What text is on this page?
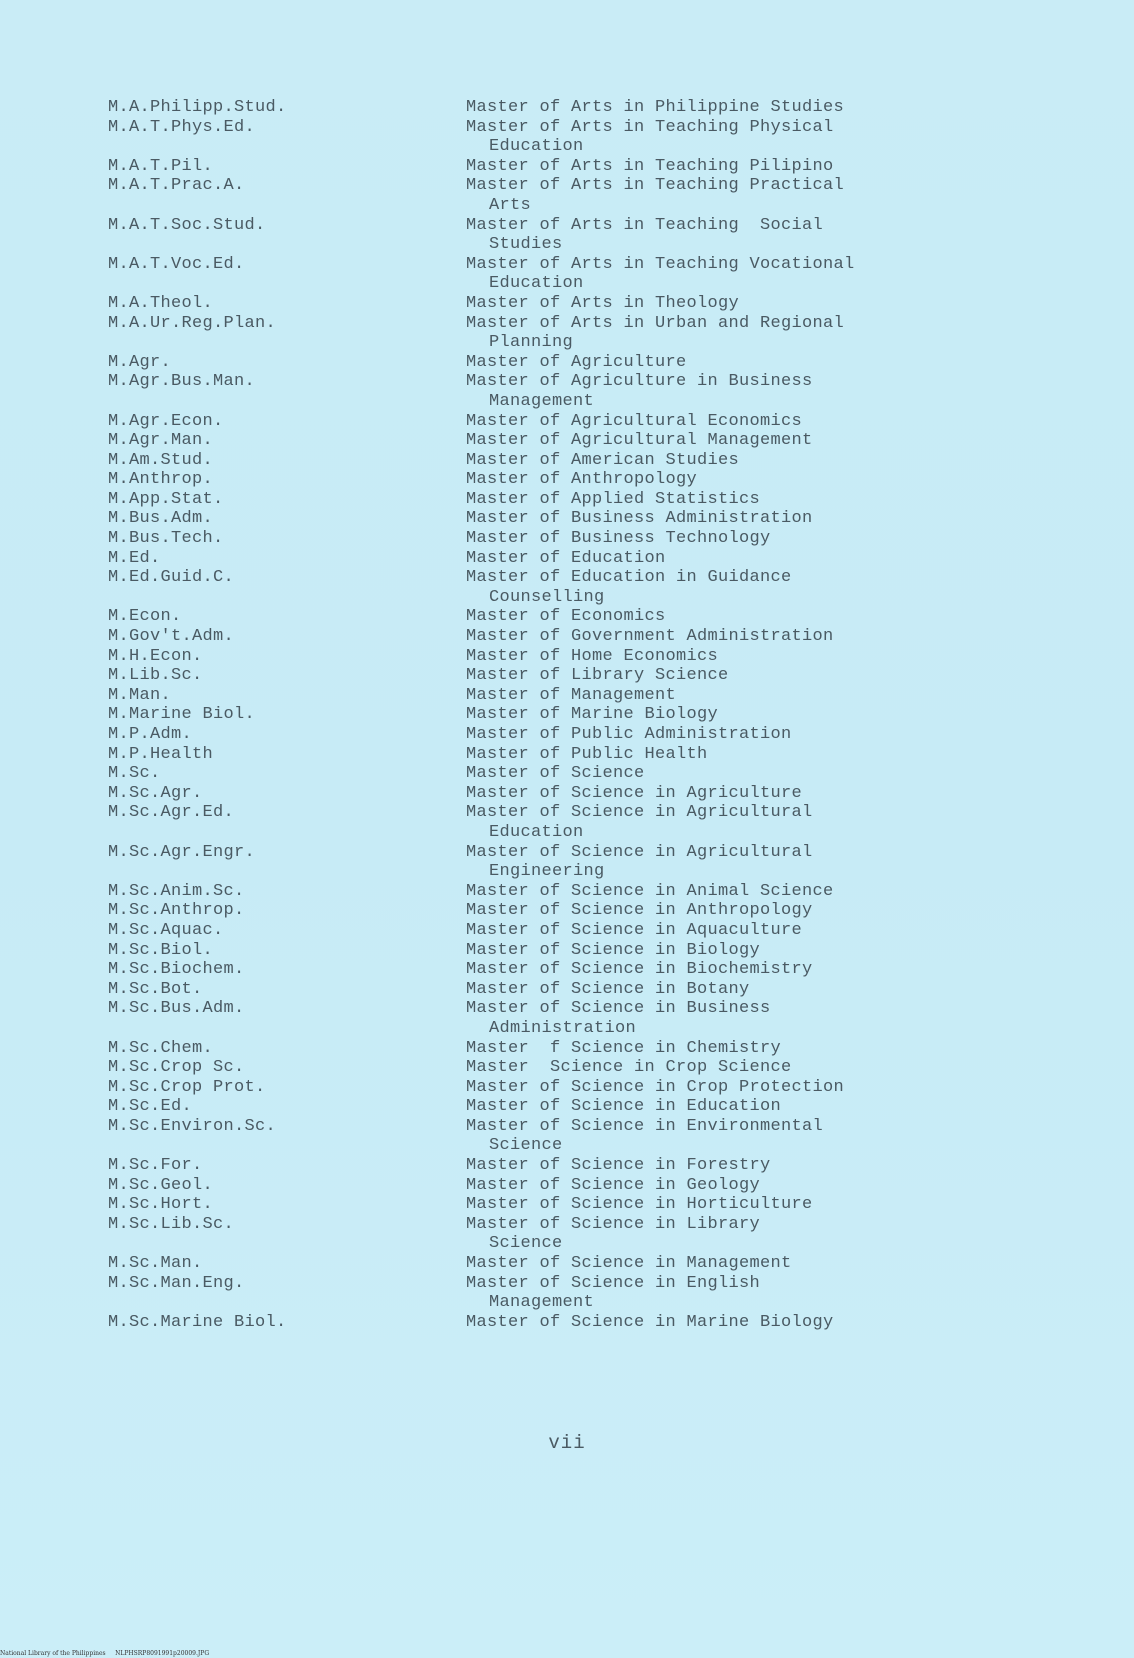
M.A.Philipp.Stud.	Master of Arts in Philippine Studies
M.A.T.Phys.Ed.	Master of Arts in Teaching Physical
Education
M.A.T.Pil.	Master of Arts in Teaching Pilipino
M.A.T.Prac.A.	Master of Arts in Teaching Practical
Arts
M.A.T.Soc.Stud.	Master of Arts in Teaching  Social
Studies
M.A.T.Voc.Ed.	Master of Arts in Teaching Vocational
Education
M.A.Theol.	Master of Arts in Theology
M.A.Ur.Reg.Plan.	Master of Arts in Urban and Regional
Planning
M.Agr.	Master of Agriculture
M.Agr.Bus.Man.	Master of Agriculture in Business
Management
M.Agr.Econ.	Master of Agricultural Economics
M.Agr.Man.	Master of Agricultural Management
M.Am.Stud.	Master of American Studies
M.Anthrop.	Master of Anthropology
M.App.Stat.	Master of Applied Statistics
M.Bus.Adm.	Master of Business Administration
M.Bus.Tech.	Master of Business Technology
M.Ed.	Master of Education
M.Ed.Guid.C.	Master of Education in Guidance
Counselling
M.Econ.	Master of Economics
M.Gov't.Adm.	Master of Government Administration
M.H.Econ.	Master of Home Economics
M.Lib.Sc.	Master of Library Science
M.Man.	Master of Management
M.Marine Biol.	Master of Marine Biology
M.P.Adm.	Master of Public Administration
M.P.Health	Master of Public Health
M.Sc.	Master of Science
M.Sc.Agr.	Master of Science in Agriculture
M.Sc.Agr.Ed.	Master of Science in Agricultural
Education
M.Sc.Agr.Engr.	Master of Science in Agricultural
Engineering
M.Sc.Anim.Sc.	Master of Science in Animal Science
M.Sc.Anthrop.	Master of Science in Anthropology
M.Sc.Aquac.	Master of Science in Aquaculture
M.Sc.Biol.	Master of Science in Biology
M.Sc.Biochem.	Master of Science in Biochemistry
M.Sc.Bot.	Master of Science in Botany
M.Sc.Bus.Adm.	Master of Science in Business
Administration
M.Sc.Chem.	Master  f Science in Chemistry
M.Sc.Crop Sc.	Master  Science in Crop Science
M.Sc.Crop Prot.	Master of Science in Crop Protection
M.Sc.Ed.	Master of Science in Education
M.Sc.Environ.Sc.	Master of Science in Environmental
Science
M.Sc.For.	Master of Science in Forestry
M.Sc.Geol.	Master of Science in Geology
M.Sc.Hort.	Master of Science in Horticulture
M.Sc.Lib.Sc.	Master of Science in Library
Science
M.Sc.Man.	Master of Science in Management
M.Sc.Man.Eng.	Master of Science in English
Management
M.Sc.Marine Biol.	Master of Science in Marine Biology
vii
National Library of the Philippines     NLPHSRP8091991p20009.JPG
